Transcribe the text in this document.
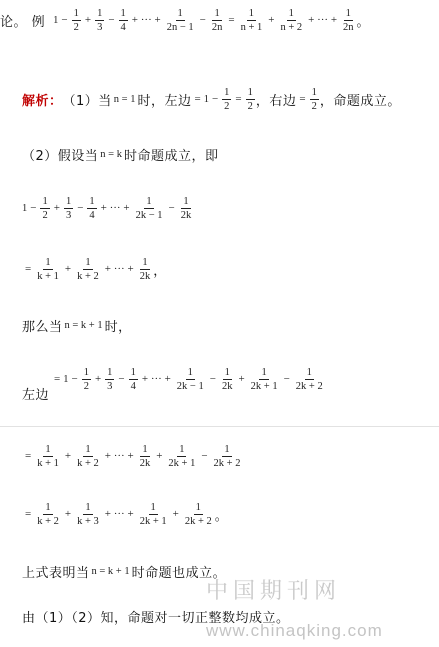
论。 例 $1 - \frac{1}{2} + \frac{1}{3} - \frac{1}{4}$ + ··· + $\frac{1}{2n - 1} - \frac{1}{2n} = \frac{1}{n + 1} + \frac{1}{n + 2}$ + ··· + $\frac{1}{2n}$ 。
解析： （1）当 n = 1 时，左边 = $1 - \frac{1}{2} = \frac{1}{2}$ ，右边 = $\frac{1}{2}$ ，命题成立。
（2）假设当 n = k 时命题成立，即
$1 - \frac{1}{2} + \frac{1}{3} - \frac{1}{4}$ + ··· + $\frac{1}{2k - 1} - \frac{1}{2k}$
= $\frac{1}{k + 1} + \frac{1}{k + 2}$ + ··· + $\frac{1}{2k}$ ，
那么当 n = k + 1 时，
左边
= $1 - \frac{1}{2} + \frac{1}{3} - \frac{1}{4}$ + ··· + $\frac{1}{2k - 1} - \frac{1}{2k} + \frac{1}{2k + 1} - \frac{1}{2k + 2}$
= $\frac{1}{k + 1} + \frac{1}{k + 2}$ + ··· + $\frac{1}{2k} + \frac{1}{2k + 1} - \frac{1}{2k + 2}$
= $\frac{1}{k + 2} + \frac{1}{k + 3}$ + ··· + $\frac{1}{2k + 1} + \frac{1}{2k + 2}$ 。
上式表明当 n = k + 1 时命题也成立。
由（1）（2）知，命题对一切正整数均成立。
中国期刊网
www.chinaqking.com
